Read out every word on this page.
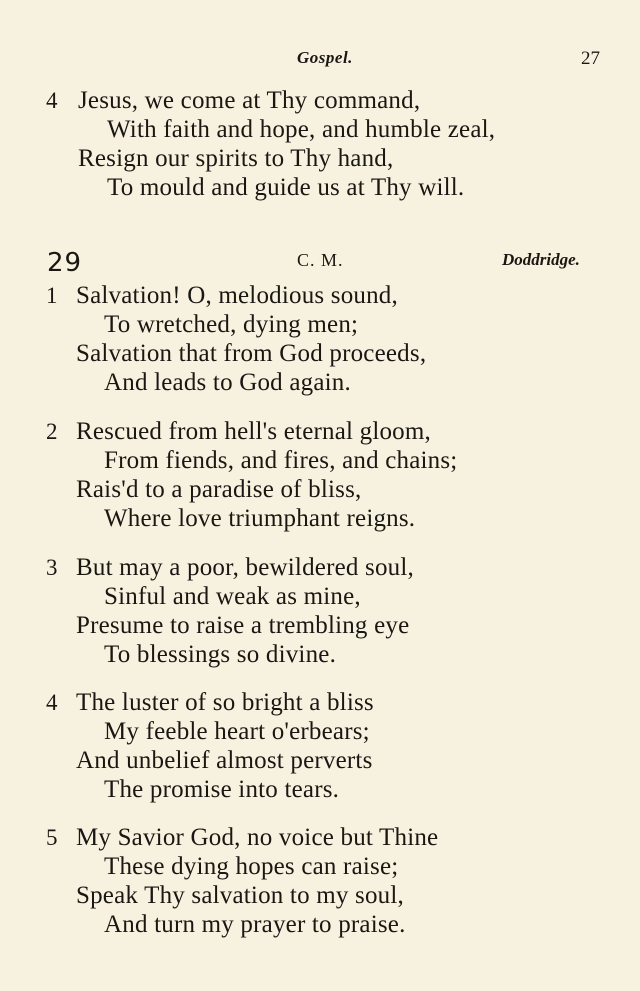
Gospel.	27
4 Jesus, we come at Thy command,
With faith and hope, and humble zeal,
Resign our spirits to Thy hand,
To mould and guide us at Thy will.
29	C. M.	Doddridge.
1 Salvation! O, melodious sound,
To wretched, dying men;
Salvation that from God proceeds,
And leads to God again.
2 Rescued from hell's eternal gloom,
From fiends, and fires, and chains;
Rais'd to a paradise of bliss,
Where love triumphant reigns.
3 But may a poor, bewildered soul,
Sinful and weak as mine,
Presume to raise a trembling eye
To blessings so divine.
4 The luster of so bright a bliss
My feeble heart o'erbears;
And unbelief almost perverts
The promise into tears.
5 My Savior God, no voice but Thine
These dying hopes can raise;
Speak Thy salvation to my soul,
And turn my prayer to praise.
